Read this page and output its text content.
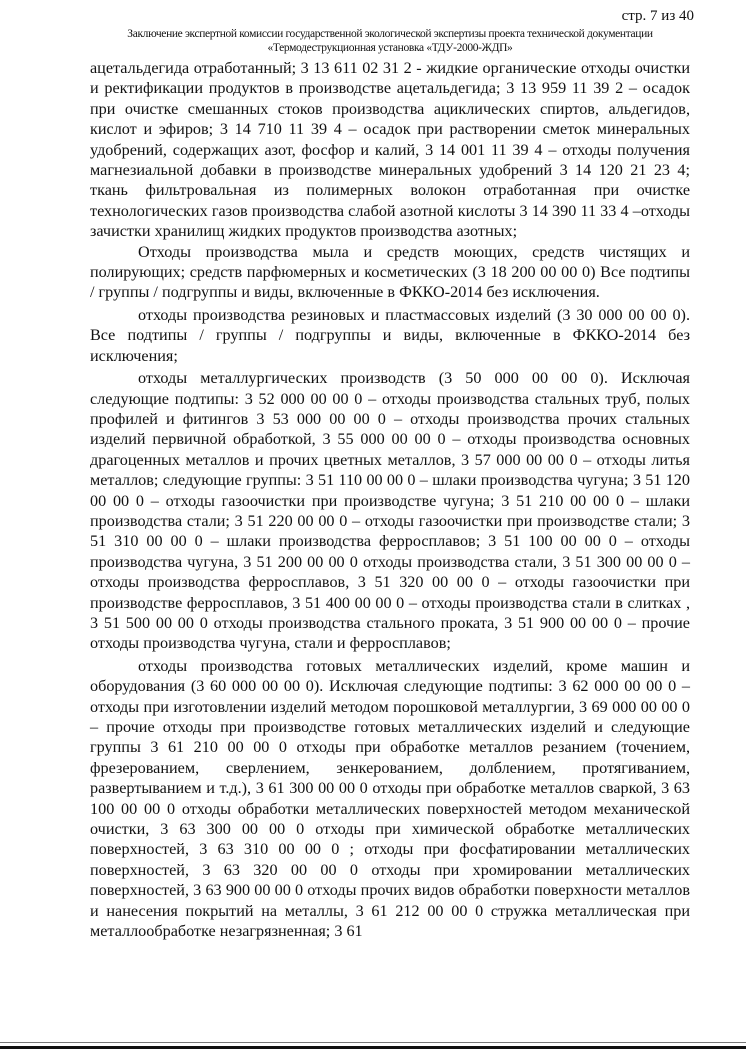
стр. 7 из 40
Заключение экспертной комиссии государственной экологической экспертизы проекта технической документации «Термодеструкционная установка «ТДУ-2000-ЖДП»

ацетальдегида отработанный; 3 13 611 02 31 2 - жидкие органические отходы очистки и ректификации продуктов в производстве ацетальдегида; 3 13 959 11 39 2 – осадок при очистке смешанных стоков производства ациклических спиртов, альдегидов, кислот и эфиров; 3 14 710 11 39 4 – осадок при растворении сметок минеральных удобрений, содержащих азот, фосфор и калий, 3 14 001 11 39 4 – отходы получения магнезиальной добавки в производстве минеральных удобрений 3 14 120 21 23 4; ткань фильтровальная из полимерных волокон отработанная при очистке технологических газов производства слабой азотной кислоты 3 14 390 11 33 4 –отходы зачистки хранилищ жидких продуктов производства азотных;

Отходы производства мыла и средств моющих, средств чистящих и полирующих; средств парфюмерных и косметических (3 18 200 00 00 0) Все подтипы / группы / подгруппы и виды, включенные в ФККО-2014 без исключения.

отходы производства резиновых и пластмассовых изделий (3 30 000 00 00 0). Все подтипы / группы / подгруппы и виды, включенные в ФККО-2014 без исключения;

отходы металлургических производств (3 50 000 00 00 0). Исключая следующие подтипы: 3 52 000 00 00 0 – отходы производства стальных труб, полых профилей и фитингов 3 53 000 00 00 0 – отходы производства прочих стальных изделий первичной обработкой, 3 55 000 00 00 0 – отходы производства основных драгоценных металлов и прочих цветных металлов, 3 57 000 00 00 0 – отходы литья металлов; следующие группы: 3 51 110 00 00 0 – шлаки производства чугуна; 3 51 120 00 00 0 – отходы газоочистки при производстве чугуна; 3 51 210 00 00 0 – шлаки производства стали; 3 51 220 00 00 0 – отходы газоочистки при производстве стали; 3 51 310 00 00 0 – шлаки производства ферросплавов; 3 51 100 00 00 0 – отходы производства чугуна, 3 51 200 00 00 0 отходы производства стали, 3 51 300 00 00 0 – отходы производства ферросплавов, 3 51 320 00 00 0 – отходы газоочистки при производстве ферросплавов, 3 51 400 00 00 0 – отходы производства стали в слитках , 3 51 500 00 00 0 отходы производства стального проката, 3 51 900 00 00 0 – прочие отходы производства чугуна, стали и ферросплавов;

отходы производства готовых металлических изделий, кроме машин и оборудования (3 60 000 00 00 0). Исключая следующие подтипы: 3 62 000 00 00 0 – отходы при изготовлении изделий методом порошковой металлургии, 3 69 000 00 00 0 – прочие отходы при производстве готовых металлических изделий и следующие группы 3 61 210 00 00 0 отходы при обработке металлов резанием (точением, фрезерованием, сверлением, зенкерованием, долблением, протягиванием, развертыванием и т.д.), 3 61 300 00 00 0 отходы при обработке металлов сваркой, 3 63 100 00 00 0 отходы обработки металлических поверхностей методом механической очистки, 3 63 300 00 00 0 отходы при химической обработке металлических поверхностей, 3 63 310 00 00 0 ; отходы при фосфатировании металлических поверхностей, 3 63 320 00 00 0 отходы при хромировании металлических поверхностей, 3 63 900 00 00 0 отходы прочих видов обработки поверхности металлов и нанесения покрытий на металлы, 3 61 212 00 00 0 стружка металлическая при металлообработке незагрязненная; 3 61
